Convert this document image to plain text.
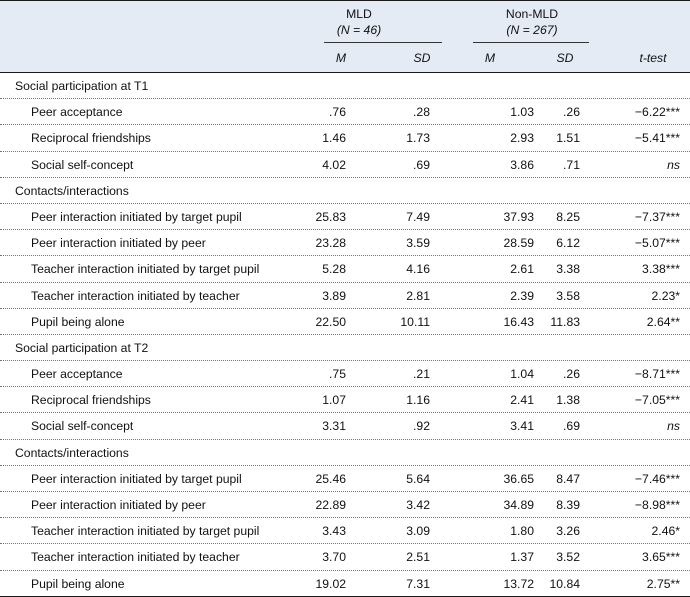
MLD
(N = 46)
Non-MLD
(N = 267)
M	SD	M	SD	t-test
Social participation at T1
Peer acceptance	.76	.28	1.03 .26	−6.22***
Reciprocal friendships	1.46	1.73	2.93 1.51	−5.41***
Social self-concept	4.02	.69	3.86 .71	ns
Contacts/interactions
Peer interaction initiated by target pupil	25.83	7.49	37.93 8.25	−7.37***
Peer interaction initiated by peer	23.28	3.59	28.59 6.12	−5.07***
Teacher interaction initiated by target pupil	5.28	4.16	2.61 3.38	3.38***
Teacher interaction initiated by teacher	3.89	2.81	2.39 3.58	2.23*
Pupil being alone	22.50	10.11	16.43 11.83	2.64**
Social participation at T2
Peer acceptance	.75	.21	1.04 .26	−8.71***
Reciprocal friendships	1.07	1.16	2.41 1.38	−7.05***
Social self-concept	3.31	.92	3.41 .69	ns
Contacts/interactions
Peer interaction initiated by target pupil	25.46	5.64	36.65 8.47	−7.46***
Peer interaction initiated by peer	22.89	3.42	34.89 8.39	−8.98***
Teacher interaction initiated by target pupil	3.43	3.09	1.80 3.26	2.46*
Teacher interaction initiated by teacher	3.70	2.51	1.37 3.52	3.65***
Pupil being alone	19.02	7.31	13.72 10.84	2.75**
